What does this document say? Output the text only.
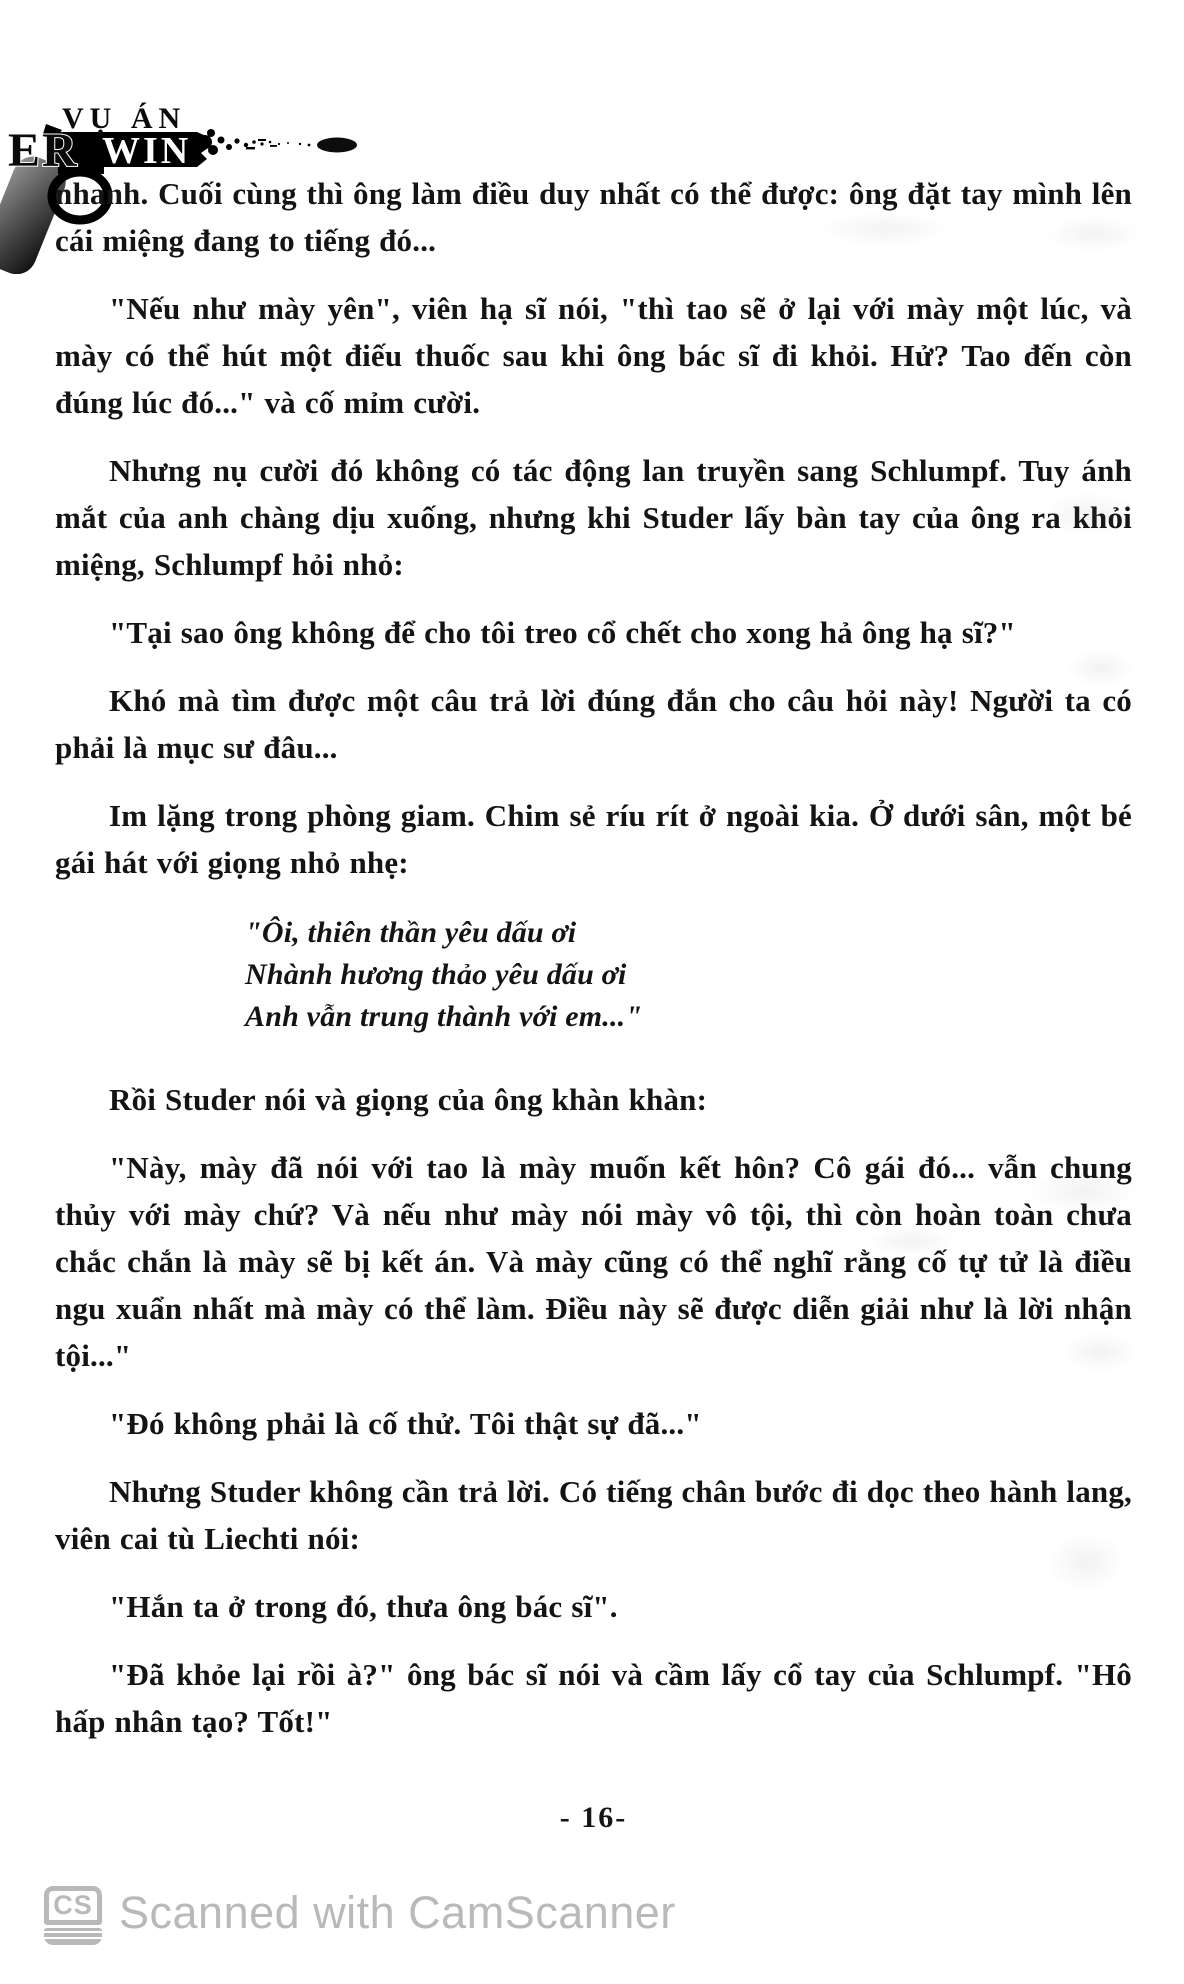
VỤ ÁN
ER WIN

nhanh. Cuối cùng thì ông làm điều duy nhất có thể được: ông đặt tay mình lên cái miệng đang to tiếng đó...

"Nếu như mày yên", viên hạ sĩ nói, "thì tao sẽ ở lại với mày một lúc, và mày có thể hút một điếu thuốc sau khi ông bác sĩ đi khỏi. Hử? Tao đến còn đúng lúc đó..." và cố mỉm cười.

Nhưng nụ cười đó không có tác động lan truyền sang Schlumpf. Tuy ánh mắt của anh chàng dịu xuống, nhưng khi Studer lấy bàn tay của ông ra khỏi miệng, Schlumpf hỏi nhỏ:

"Tại sao ông không để cho tôi treo cổ chết cho xong hả ông hạ sĩ?"

Khó mà tìm được một câu trả lời đúng đắn cho câu hỏi này! Người ta có phải là mục sư đâu...

Im lặng trong phòng giam. Chim sẻ ríu rít ở ngoài kia. Ở dưới sân, một bé gái hát với giọng nhỏ nhẹ:

"Ôi, thiên thần yêu dấu ơi
Nhành hương thảo yêu dấu ơi
Anh vẫn trung thành với em..."

Rồi Studer nói và giọng của ông khàn khàn:

"Này, mày đã nói với tao là mày muốn kết hôn? Cô gái đó... vẫn chung thủy với mày chứ? Và nếu như mày nói mày vô tội, thì còn hoàn toàn chưa chắc chắn là mày sẽ bị kết án. Và mày cũng có thể nghĩ rằng cố tự tử là điều ngu xuẩn nhất mà mày có thể làm. Điều này sẽ được diễn giải như là lời nhận tội..."

"Đó không phải là cố thử. Tôi thật sự đã..."

Nhưng Studer không cần trả lời. Có tiếng chân bước đi dọc theo hành lang, viên cai tù Liechti nói:

"Hắn ta ở trong đó, thưa ông bác sĩ".

"Đã khỏe lại rồi à?" ông bác sĩ nói và cầm lấy cổ tay của Schlumpf. "Hô hấp nhân tạo? Tốt!"

- 16-
CS Scanned with CamScanner
